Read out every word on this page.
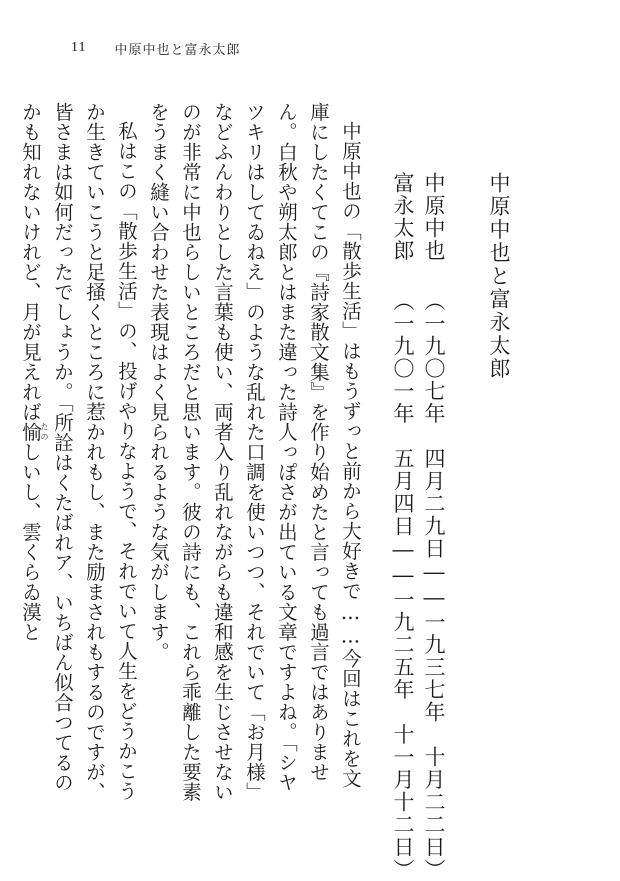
11 中原中也と富永太郎
中原中也と富永太郎
中原中也（一九〇七年　四月二九日――一九三七年　十月二二日）
富永太郎（一九〇一年　五月四日――一九二五年　十一月十二日）

中原中也の「散歩生活」はもうずっと前から大好きで……今回はこれを文庫にしたくてこの『詩家散文集』を作り始めたと言っても過言ではありません。白秋や朔太郎とはまた違った詩人っぽさが出ている文章ですよね。「シヤツキリはしてゐねえ」のような乱れた口調を使いつつ、それでいて「お月様」などふんわりとした言葉も使い、両者入り乱れながらも違和感を生じさせないのが非常に中也らしいところだと思います。彼の詩にも、これら乖離した要素をうまく縫い合わせた表現はよく見られるような気がします。

私はこの「散歩生活」の、投げやりなようで、それでいて人生をどうかこうか生きていこうと足掻くところに惹かれもし、また励まされもするのですが、皆さまは如何だったでしょうか。「所詮はくたばれア、いちばん似合つてるのかも知れないけれど、月が見えれば愉たのしいし、雲くらゐ漠と
